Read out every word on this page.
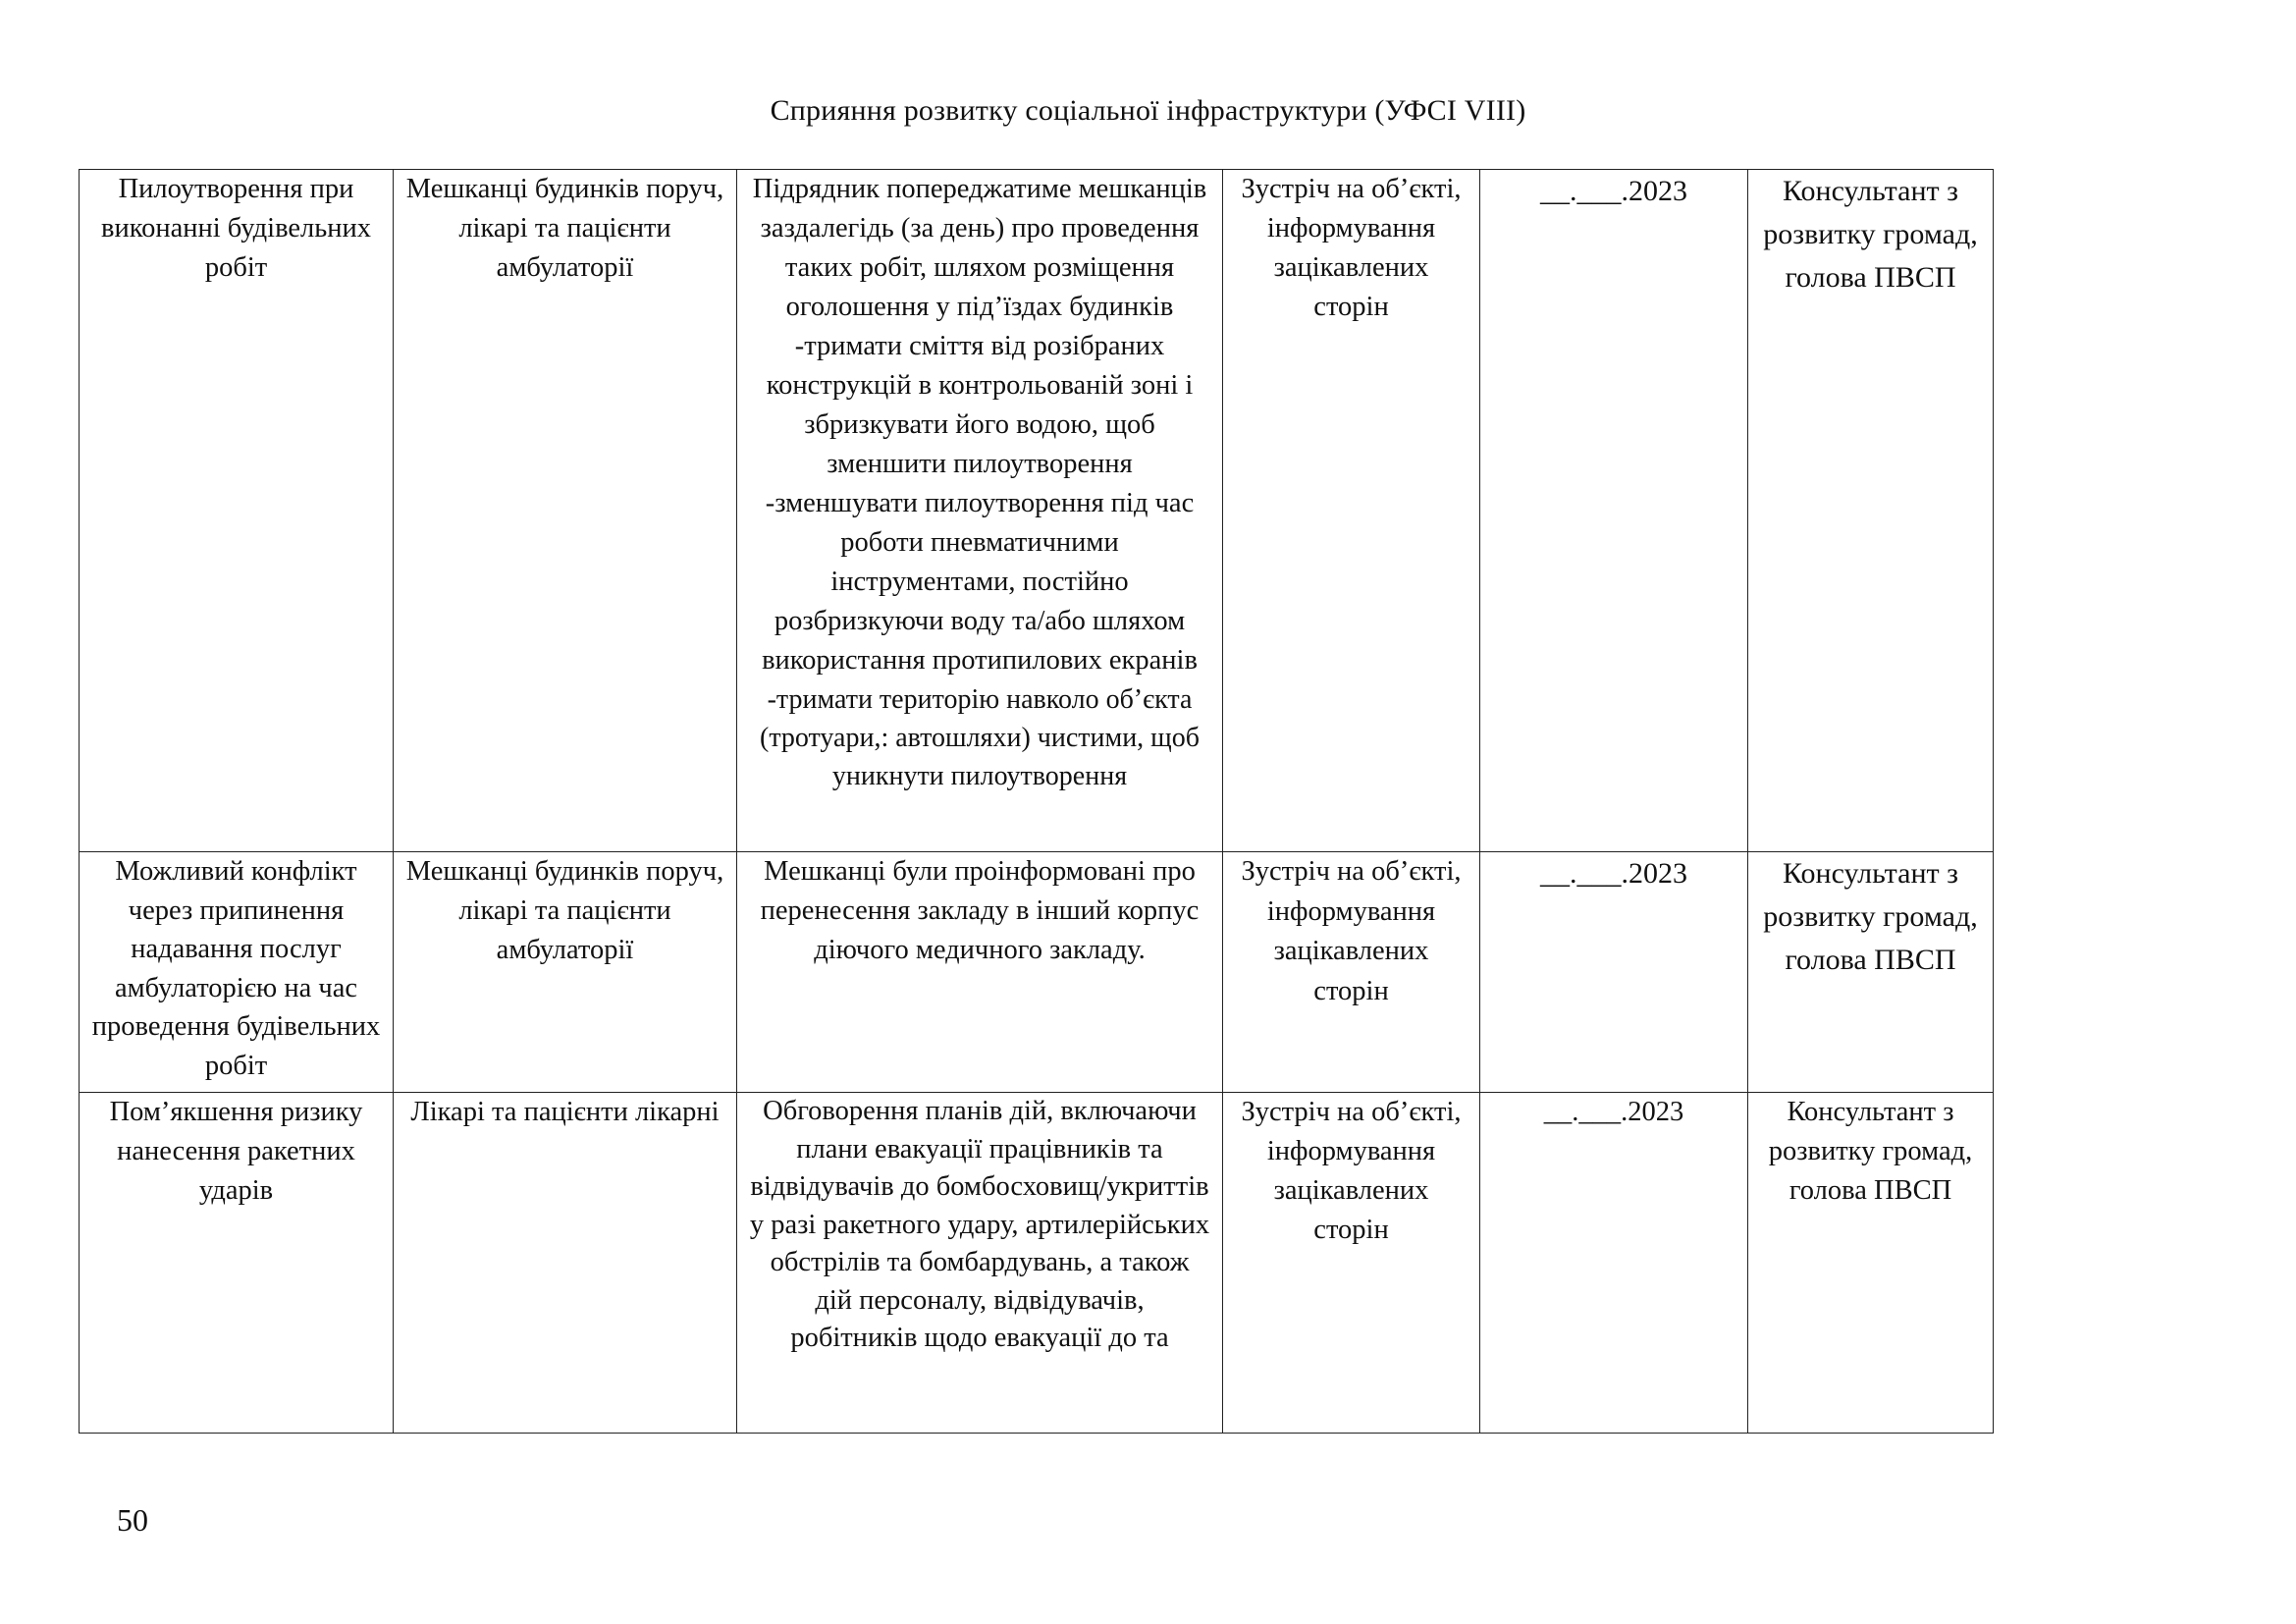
Сприяння розвитку соціальної інфраструктури (УФСІ VIII)
Пилоутворення при виконанні будівельних робіт	Мешканці будинків поруч, лікарі та пацієнти амбулаторії	Підрядник попереджатиме мешканців заздалегідь (за день) про проведення таких робіт, шляхом розміщення оголошення у під’їздах будинків
-тримати сміття від розібраних конструкцій в контрольованій зоні і збризкувати його водою, щоб зменшити пилоутворення
-зменшувати пилоутворення під час роботи пневматичними інструментами, постійно розбризкуючи воду та/або шляхом використання протипилових екранів
-тримати територію навколо об’єкта (тротуари,: автошляхи) чистими, щоб уникнути пилоутворення	Зустріч на об’єкті, інформування зацікавлених сторін	__.___.2023	Консультант з розвитку громад, голова ПВСП
Можливий конфлікт через припинення надавання послуг амбулаторією на час проведення будівельних робіт	Мешканці будинків поруч, лікарі та пацієнти амбулаторії	Мешканці були проінформовані про перенесення закладу в інший корпус діючого медичного закладу.	Зустріч на об’єкті, інформування зацікавлених сторін	__.___.2023	Консультант з розвитку громад, голова ПВСП
Пом’якшення ризику нанесення ракетних ударів	Лікарі та пацієнти лікарні	Обговорення планів дій, включаючи плани евакуації працівників та відвідувачів до бомбосховищ/укриттів у разі ракетного удару, артилерійських обстрілів та бомбардувань, а також дій персоналу, відвідувачів, робітників щодо евакуації до та	Зустріч на об’єкті, інформування зацікавлених сторін	__.___.2023	Консультант з розвитку громад, голова ПВСП
50
